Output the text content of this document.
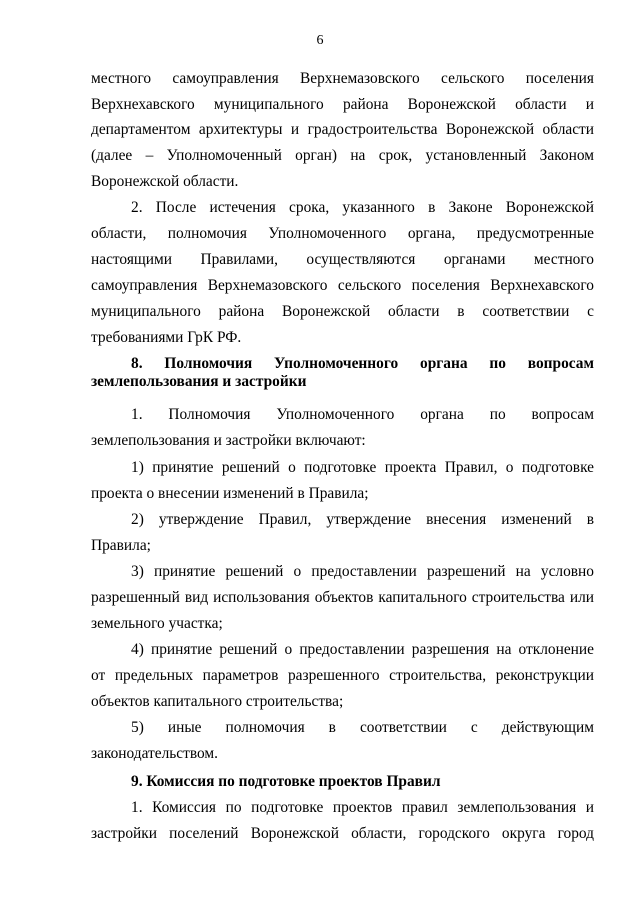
6
местного самоуправления Верхнемазовского сельского поселения
Верхнехавского муниципального района Воронежской области и
департаментом архитектуры и градостроительства Воронежской области
(далее – Уполномоченный орган) на срок, установленный Законом
Воронежской области.
2. После истечения срока, указанного в Законе Воронежской
области, полномочия Уполномоченного органа, предусмотренные
настоящими Правилами, осуществляются органами местного
самоуправления Верхнемазовского сельского поселения Верхнехавского
муниципального района Воронежской области в соответствии с
требованиями ГрК РФ.
8. Полномочия Уполномоченного органа по вопросам
землепользования и застройки
1. Полномочия Уполномоченного органа по вопросам
землепользования и застройки включают:
1) принятие решений о подготовке проекта Правил, о подготовке
проекта о внесении изменений в Правила;
2) утверждение Правил, утверждение внесения изменений в
Правила;
3) принятие решений о предоставлении разрешений на условно
разрешенный вид использования объектов капитального строительства или
земельного участка;
4) принятие решений о предоставлении разрешения на отклонение
от предельных параметров разрешенного строительства, реконструкции
объектов капитального строительства;
5) иные полномочия в соответствии с действующим
законодательством.
9. Комиссия по подготовке проектов Правил
1. Комиссия по подготовке проектов правил землепользования и
застройки поселений Воронежской области, городского округа город
